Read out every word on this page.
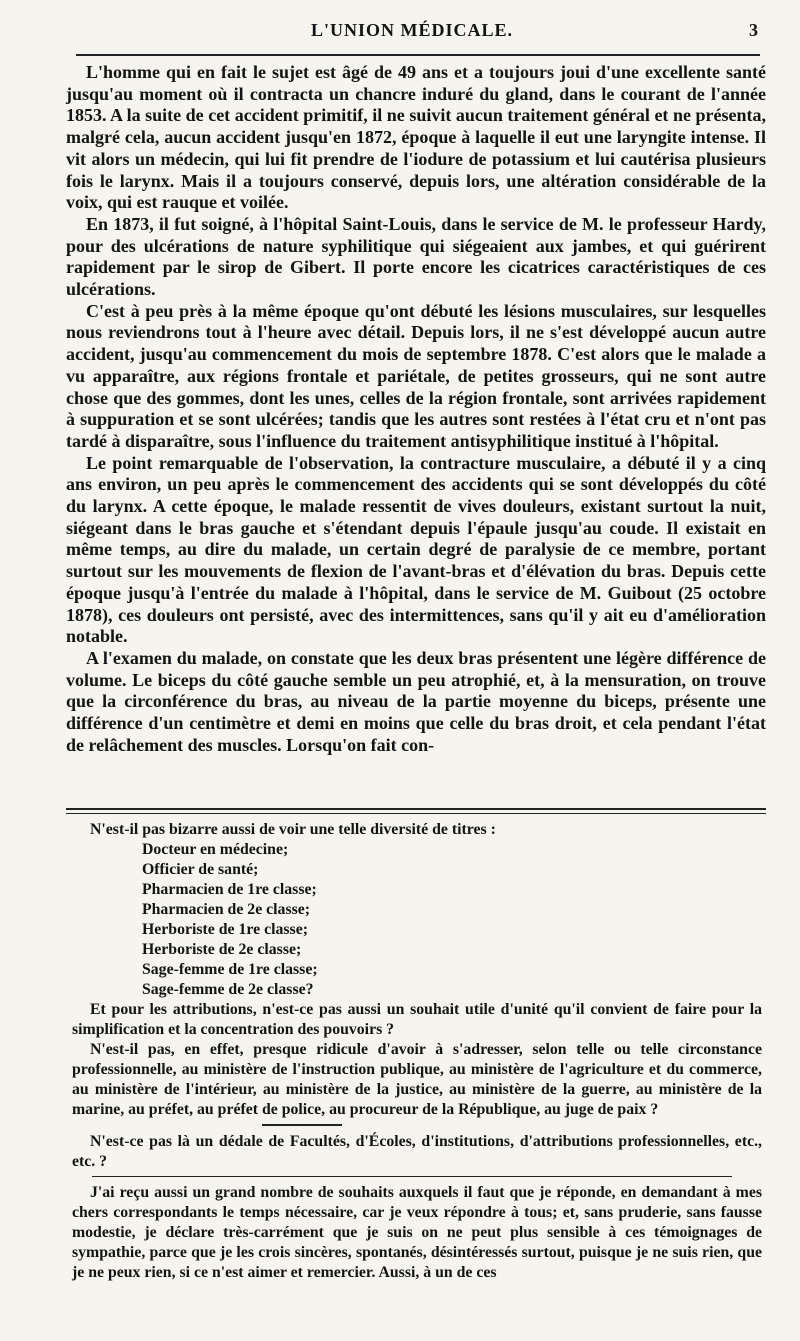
L'UNION MÉDICALE.	3

L'homme qui en fait le sujet est âgé de 49 ans et a toujours joui d'une excellente santé jusqu'au moment où il contracta un chancre induré du gland, dans le courant de l'année 1853. A la suite de cet accident primitif, il ne suivit aucun traitement général et ne présenta, malgré cela, aucun accident jusqu'en 1872, époque à laquelle il eut une laryngite intense. Il vit alors un médecin, qui lui fit prendre de l'iodure de potassium et lui cautérisa plusieurs fois le larynx. Mais il a toujours conservé, depuis lors, une altération considérable de la voix, qui est rauque et voilée.

En 1873, il fut soigné, à l'hôpital Saint-Louis, dans le service de M. le professeur Hardy, pour des ulcérations de nature syphilitique qui siégeaient aux jambes, et qui guérirent rapidement par le sirop de Gibert. Il porte encore les cicatrices caractéristiques de ces ulcérations.

C'est à peu près à la même époque qu'ont débuté les lésions musculaires, sur lesquelles nous reviendrons tout à l'heure avec détail. Depuis lors, il ne s'est développé aucun autre accident, jusqu'au commencement du mois de septembre 1878. C'est alors que le malade a vu apparaître, aux régions frontale et pariétale, de petites grosseurs, qui ne sont autre chose que des gommes, dont les unes, celles de la région frontale, sont arrivées rapidement à suppuration et se sont ulcérées; tandis que les autres sont restées à l'état cru et n'ont pas tardé à disparaître, sous l'influence du traitement antisyphilitique institué à l'hôpital.

Le point remarquable de l'observation, la contracture musculaire, a débuté il y a cinq ans environ, un peu après le commencement des accidents qui se sont développés du côté du larynx. A cette époque, le malade ressentit de vives douleurs, existant surtout la nuit, siégeant dans le bras gauche et s'étendant depuis l'épaule jusqu'au coude. Il existait en même temps, au dire du malade, un certain degré de paralysie de ce membre, portant surtout sur les mouvements de flexion de l'avant-bras et d'élévation du bras. Depuis cette époque jusqu'à l'entrée du malade à l'hôpital, dans le service de M. Guibout (25 octobre 1878), ces douleurs ont persisté, avec des intermittences, sans qu'il y ait eu d'amélioration notable.

A l'examen du malade, on constate que les deux bras présentent une légère différence de volume. Le biceps du côté gauche semble un peu atrophié, et, à la mensuration, on trouve que la circonférence du bras, au niveau de la partie moyenne du biceps, présente une différence d'un centimètre et demi en moins que celle du bras droit, et cela pendant l'état de relâchement des muscles. Lorsqu'on fait con-

N'est-il pas bizarre aussi de voir une telle diversité de titres :

Docteur en médecine;
Officier de santé;
Pharmacien de 1re classe;
Pharmacien de 2e classe;
Herboriste de 1re classe;
Herboriste de 2e classe;
Sage-femme de 1re classe;
Sage-femme de 2e classe?

Et pour les attributions, n'est-ce pas aussi un souhait utile d'unité qu'il convient de faire pour la simplification et la concentration des pouvoirs ?

N'est-il pas, en effet, presque ridicule d'avoir à s'adresser, selon telle ou telle circonstance professionnelle, au ministère de l'instruction publique, au ministère de l'agriculture et du commerce, au ministère de l'intérieur, au ministère de la justice, au ministère de la guerre, au ministère de la marine, au préfet, au préfet de police, au procureur de la République, au juge de paix ?

N'est-ce pas là un dédale de Facultés, d'Écoles, d'institutions, d'attributions professionnelles, etc., etc. ?

J'ai reçu aussi un grand nombre de souhaits auxquels il faut que je réponde, en demandant à mes chers correspondants le temps nécessaire, car je veux répondre à tous; et, sans pruderie, sans fausse modestie, je déclare très-carrément que je suis on ne peut plus sensible à ces témoignages de sympathie, parce que je les crois sincères, spontanés, désintéressés surtout, puisque je ne suis rien, que je ne peux rien, si ce n'est aimer et remercier. Aussi, à un de ces
